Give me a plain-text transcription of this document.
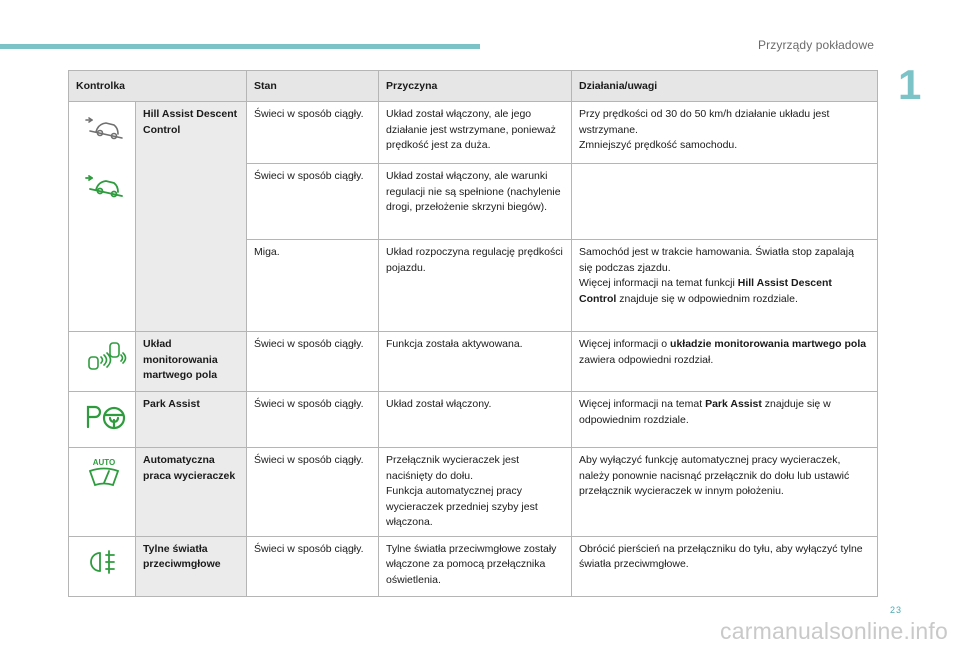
Przyrządy pokładowe
1
Kontrolka		Stan	Przyczyna	Działania/uwagi

	Hill Assist Descent Control	Świeci w sposób ciągły.	Układ został włączony, ale jego działanie jest wstrzymane, ponieważ prędkość jest za duża.	Przy prędkości od 30 do 50 km/h działanie układu jest wstrzymane.
Zmniejszyć prędkość samochodu.
		Świeci w sposób ciągły.	Układ został włączony, ale warunki regulacji nie są spełnione (nachylenie drogi, przełożenie skrzyni biegów).	
		Miga.	Układ rozpoczyna regulację prędkości pojazdu.	Samochód jest w trakcie hamowania. Światła stop zapalają się podczas zjazdu.
Więcej informacji na temat funkcji Hill Assist Descent Control znajduje się w odpowiednim rozdziale.

	Układ monitorowania martwego pola	Świeci w sposób ciągły.	Funkcja została aktywowana.	Więcej informacji o układzie monitorowania martwego pola zawiera odpowiedni rozdział.

	Park Assist	Świeci w sposób ciągły.	Układ został włączony.	Więcej informacji na temat Park Assist znajduje się w odpowiednim rozdziale.

AUTO	Automatyczna praca wycieraczek	Świeci w sposób ciągły.	Przełącznik wycieraczek jest naciśnięty do dołu.
Funkcja automatycznej pracy wycieraczek przedniej szyby jest włączona.	Aby wyłączyć funkcję automatycznej pracy wycieraczek, należy ponownie nacisnąć przełącznik do dołu lub ustawić przełącznik wycieraczek w innym położeniu.

	Tylne światła przeciwmgłowe	Świeci w sposób ciągły.	Tylne światła przeciwmgłowe zostały włączone za pomocą przełącznika oświetlenia.	Obrócić pierścień na przełączniku do tyłu, aby wyłączyć tylne światła przeciwmgłowe.
23
carmanualsonline.info
